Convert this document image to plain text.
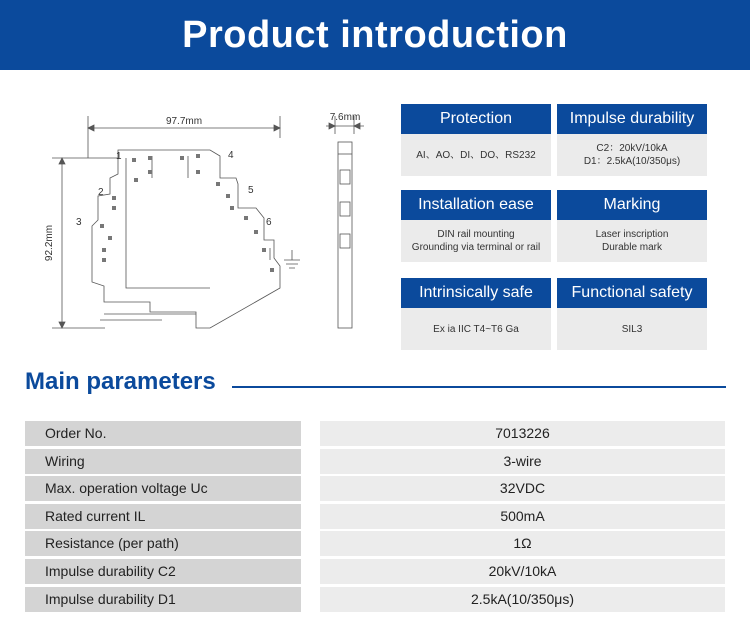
Product introduction
97.7mm
92.2mm
7.6mm
1
2
3
4
5
6
Protection
AI、AO、DI、DO、RS232
Impulse durability
C2：20kV/10kA
D1：2.5kA(10/350μs)
Installation ease
DIN rail mounting
Grounding via terminal or rail
Marking
Laser inscription
Durable mark
Intrinsically safe
Ex ia IIC T4~T6 Ga
Functional safety
SIL3
Main parameters
Order No.	7013226
Wiring	3-wire
Max. operation voltage Uc	32VDC
Rated current IL	500mA
Resistance (per path)	1Ω
Impulse durability C2	20kV/10kA
Impulse durability D1	2.5kA(10/350μs)
